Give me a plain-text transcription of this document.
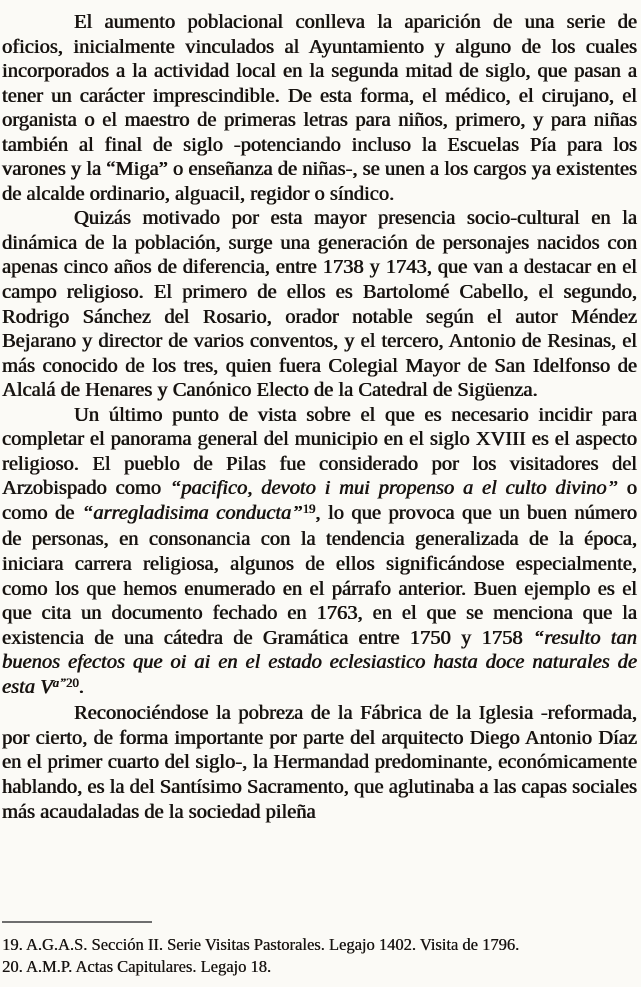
El aumento poblacional conlleva la aparición de una serie de oficios, inicialmente vinculados al Ayuntamiento y alguno de los cuales incorporados a la actividad local en la segunda mitad de siglo, que pasan a tener un carácter imprescindible. De esta forma, el médico, el cirujano, el organista o el maestro de primeras letras para niños, primero, y para niñas también al final de siglo -potenciando incluso la Escuelas Pía para los varones y la “Miga” o enseñanza de niñas-, se unen a los cargos ya existentes de alcalde ordinario, alguacil, regidor o síndico.

Quizás motivado por esta mayor presencia socio-cultural en la dinámica de la población, surge una generación de personajes nacidos con apenas cinco años de diferencia, entre 1738 y 1743, que van a destacar en el campo religioso. El primero de ellos es Bartolomé Cabello, el segundo, Rodrigo Sánchez del Rosario, orador notable según el autor Méndez Bejarano y director de varios conventos, y el tercero, Antonio de Resinas, el más conocido de los tres, quien fuera Colegial Mayor de San Idelfonso de Alcalá de Henares y Canónico Electo de la Catedral de Sigüenza.

Un último punto de vista sobre el que es necesario incidir para completar el panorama general del municipio en el siglo XVIII es el aspecto religioso. El pueblo de Pilas fue considerado por los visitadores del Arzobispado como “pacifico, devoto i mui propenso a el culto divino” o como de “arregladisima conducta”$^{19}$, lo que provoca que un buen número de personas, en consonancia con la tendencia generalizada de la época, iniciara carrera religiosa, algunos de ellos significándose especialmente, como los que hemos enumerado en el párrafo anterior. Buen ejemplo es el que cita un documento fechado en 1763, en el que se menciona que la existencia de una cátedra de Gramática entre 1750 y 1758 “resulto tan buenos efectos que oi ai en el estado eclesiastico hasta doce naturales de esta $V^{a”20}$.

Reconociéndose la pobreza de la Fábrica de la Iglesia -reformada, por cierto, de forma importante por parte del arquitecto Diego Antonio Díaz en el primer cuarto del siglo-, la Hermandad predominante, económicamente hablando, es la del Santísimo Sacramento, que aglutinaba a las capas sociales más acaudaladas de la sociedad pileña

19. A.G.A.S. Sección II. Serie Visitas Pastorales. Legajo 1402. Visita de 1796.

20. A.M.P. Actas Capitulares. Legajo 18.
